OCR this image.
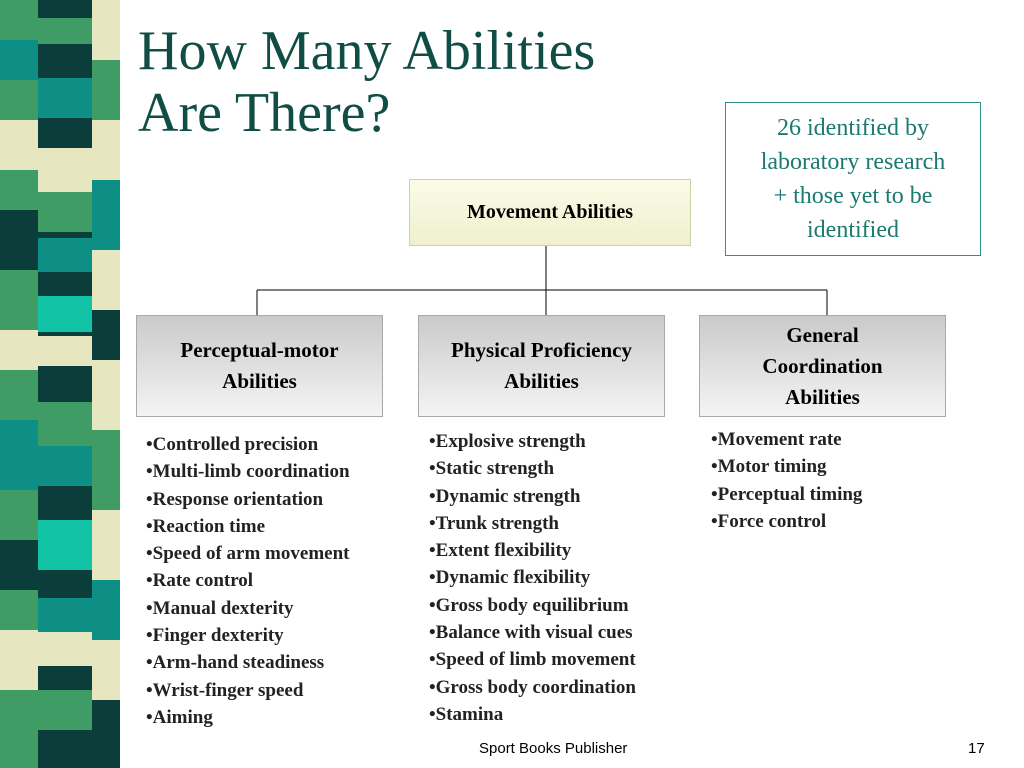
How Many Abilities
Are There?	26 identified by
laboratory research
+ those yet to be
identified
Movement Abilities
Perceptual-motor Abilities
Physical Proficiency Abilities
General Coordination Abilities
•Controlled precision
•Multi-limb coordination
•Response orientation
•Reaction time
•Speed of arm movement
•Rate control
•Manual dexterity
•Finger dexterity
•Arm-hand steadiness
•Wrist-finger speed
•Aiming
•Explosive strength
•Static strength
•Dynamic strength
•Trunk strength
•Extent flexibility
•Dynamic flexibility
•Gross body equilibrium
•Balance with visual cues
•Speed of limb movement
•Gross body coordination
•Stamina
•Movement rate
•Motor timing
•Perceptual timing
•Force control
Sport Books Publisher	17
